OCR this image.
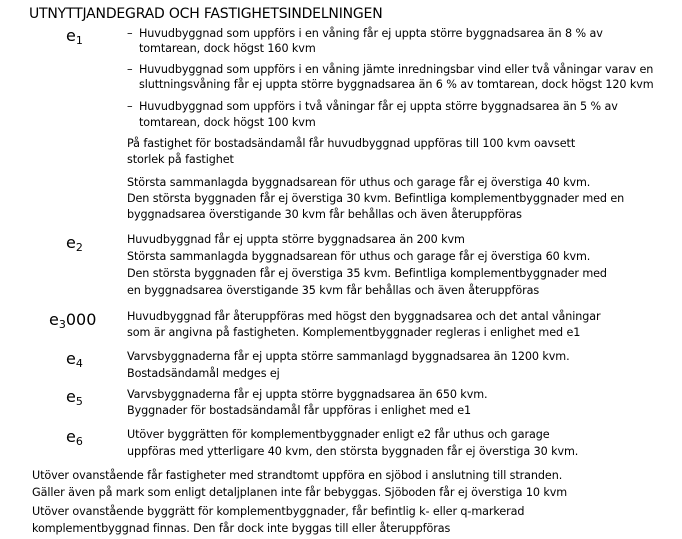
UTNYTTJANDEGRAD OCH FASTIGHETSINDELNINGEN
$e_1$
– Huvudbyggnad som uppförs i en våning får ej uppta större byggnadsarea än 8 % av
tomtarean, dock högst 160 kvm
– Huvudbyggnad som uppförs i en våning jämte inredningsbar vind eller två våningar varav en
sluttningsvåning får ej uppta större byggnadsarea än 6 % av tomtarean, dock högst 120 kvm
– Huvudbyggnad som uppförs i två våningar får ej uppta större byggnadsarea än 5 % av
tomtarean, dock högst 100 kvm
På fastighet för bostadsändamål får huvudbyggnad uppföras till 100 kvm oavsett
storlek på fastighet
Största sammanlagda byggnadsarean för uthus och garage får ej överstiga 40 kvm.
Den största byggnaden får ej överstiga 30 kvm. Befintliga komplementbyggnader med en
byggnadsarea överstigande 30 kvm får behållas och även återuppföras
$e_2$
Huvudbyggnad får ej uppta större byggnadsarea än 200 kvm
Största sammanlagda byggnadsarean för uthus och garage får ej överstiga 60 kvm.
Den största byggnaden får ej överstiga 35 kvm. Befintliga komplementbyggnader med
en byggnadsarea överstigande 35 kvm får behållas och även återuppföras
$e_3000$	Huvudbyggnad får återuppföras med högst den byggnadsarea och det antal våningar
som är angivna på fastigheten. Komplementbyggnader regleras i enlighet med e1
$e_4$
Varvsbyggnaderna får ej uppta större sammanlagd byggnadsarea än 1200 kvm.
Bostadsändamål medges ej
$e_5$
Varvsbyggnaderna får ej uppta större byggnadsarea än 650 kvm.
Byggnader för bostadsändamål får uppföras i enlighet med e1
$e_6$
Utöver byggrätten för komplementbyggnader enligt e2 får uthus och garage
uppföras med ytterligare 40 kvm, den största byggnaden får ej överstiga 30 kvm.
Utöver ovanstående får fastigheter med strandtomt uppföra en sjöbod i anslutning till stranden.
Gäller även på mark som enligt detaljplanen inte får bebyggas. Sjöboden får ej överstiga 10 kvm
Utöver ovanstående byggrätt för komplementbyggnader, får befintlig k- eller q-markerad
komplementbyggnad finnas. Den får dock inte byggas till eller återuppföras
